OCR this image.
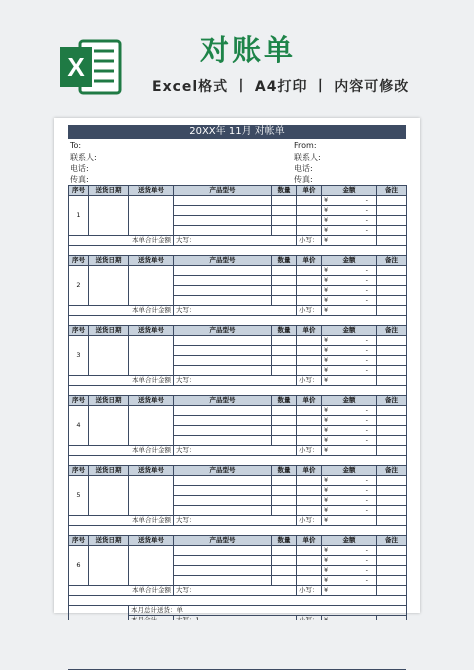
X	对账单
Excel格式 丨 A4打印 丨 内容可修改
20XX年 11月 对帐单
To:
联系人:
电话:
传真:
From:
联系人:
电话:
传真:
序号	送货日期	送货单号	产品型号	数量	单价	金额	备注
1						¥ -	

						¥ -	

						¥ -	

						¥ -	

本单合计金额			大写：		小写：	¥	

序号	送货日期	送货单号	产品型号	数量	单价	金额	备注
2						¥ -	

						¥ -	

						¥ -	

						¥ -	

本单合计金额			大写：		小写：	¥	

序号	送货日期	送货单号	产品型号	数量	单价	金额	备注
3						¥ -	

						¥ -	

						¥ -	

						¥ -	

本单合计金额			大写：		小写：	¥	

序号	送货日期	送货单号	产品型号	数量	单价	金额	备注
4						¥ -	

						¥ -	

						¥ -	

						¥ -	

本单合计金额			大写：		小写：	¥	

序号	送货日期	送货单号	产品型号	数量	单价	金额	备注
5						¥ -	

						¥ -	

						¥ -	

						¥ -	

本单合计金额			大写：		小写：	¥	

序号	送货日期	送货单号	产品型号	数量	单价	金额	备注
6						¥ -	

						¥ -	

						¥ -	

						¥ -	

本单合计金额			大写：		小写：	¥	

	本月总计送货：单					
